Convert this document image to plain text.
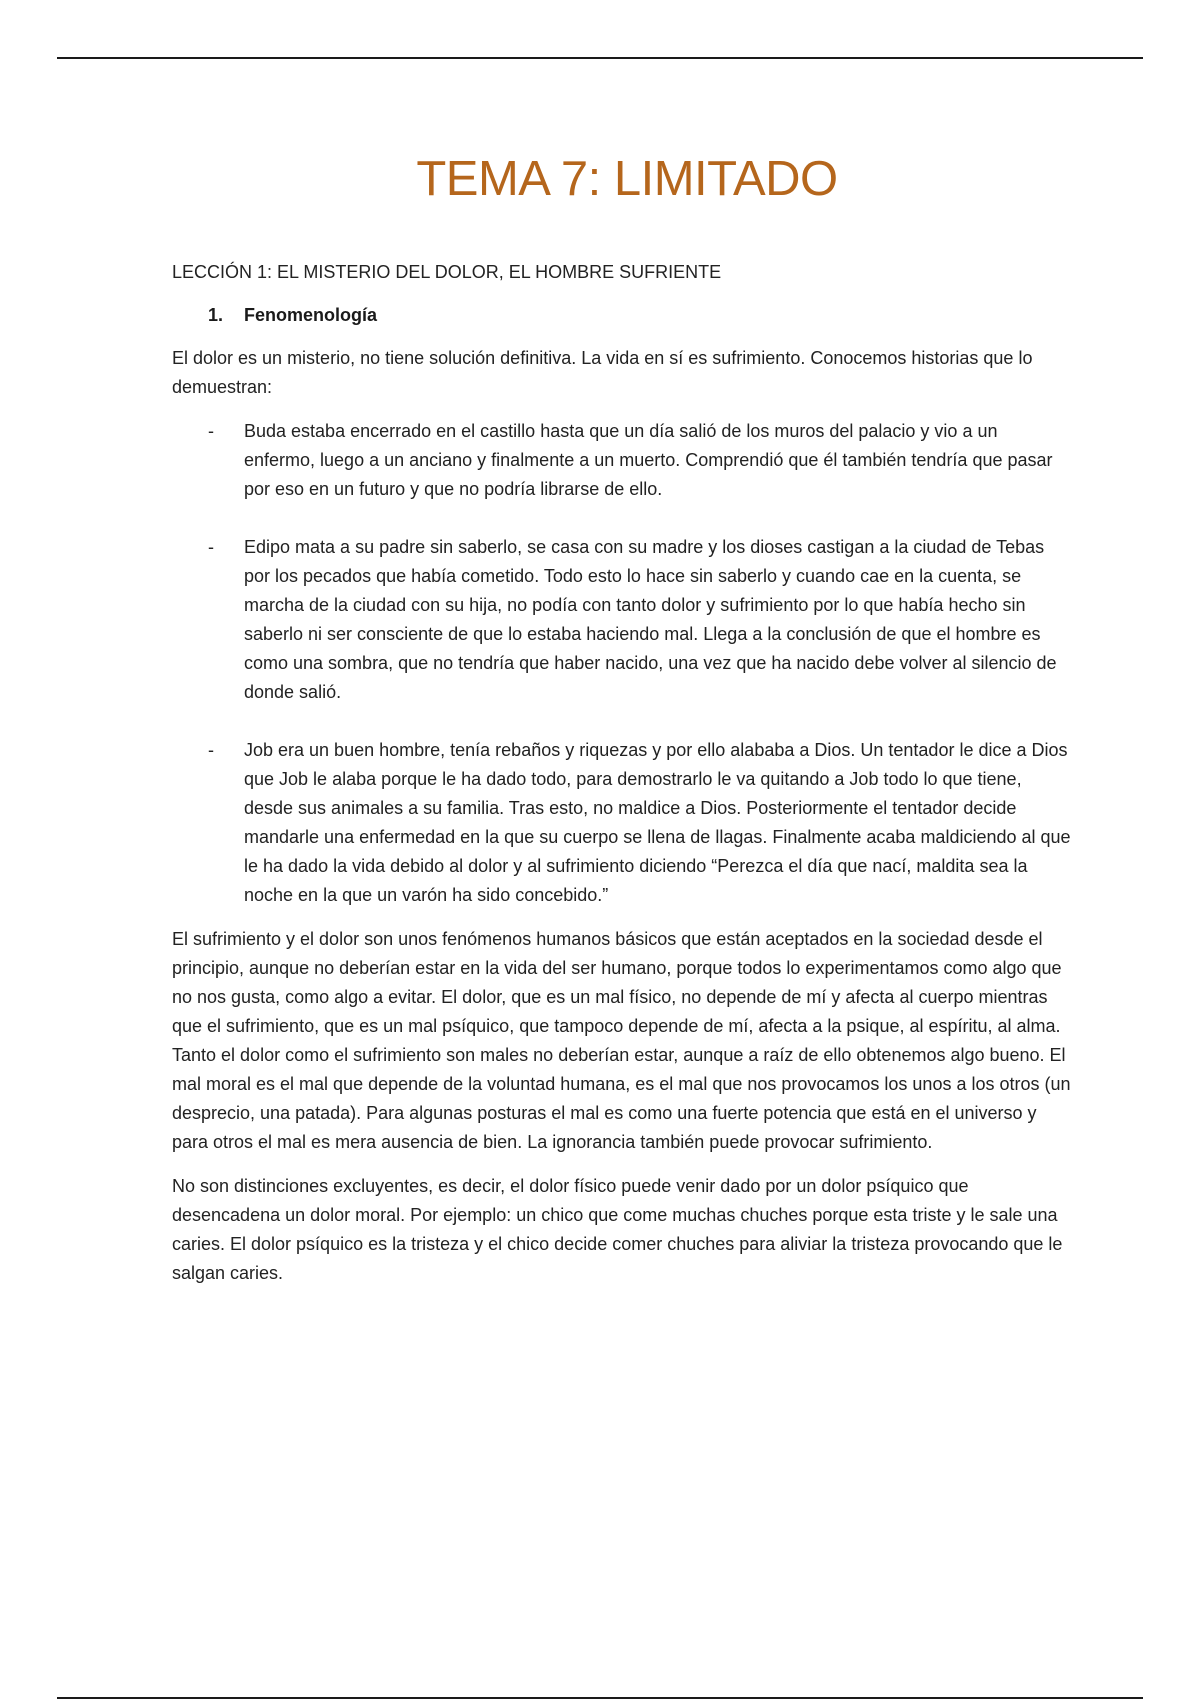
TEMA 7: LIMITADO

LECCIÓN 1: EL MISTERIO DEL DOLOR, EL HOMBRE SUFRIENTE

1. Fenomenología

El dolor es un misterio, no tiene solución definitiva. La vida en sí es sufrimiento. Conocemos historias que lo demuestran:

- Buda estaba encerrado en el castillo hasta que un día salió de los muros del palacio y vio a un enfermo, luego a un anciano y finalmente a un muerto. Comprendió que él también tendría que pasar por eso en un futuro y que no podría librarse de ello.
- Edipo mata a su padre sin saberlo, se casa con su madre y los dioses castigan a la ciudad de Tebas por los pecados que había cometido. Todo esto lo hace sin saberlo y cuando cae en la cuenta, se marcha de la ciudad con su hija, no podía con tanto dolor y sufrimiento por lo que había hecho sin saberlo ni ser consciente de que lo estaba haciendo mal. Llega a la conclusión de que el hombre es como una sombra, que no tendría que haber nacido, una vez que ha nacido debe volver al silencio de donde salió.
- Job era un buen hombre, tenía rebaños y riquezas y por ello alababa a Dios. Un tentador le dice a Dios que Job le alaba porque le ha dado todo, para demostrarlo le va quitando a Job todo lo que tiene, desde sus animales a su familia. Tras esto, no maldice a Dios. Posteriormente el tentador decide mandarle una enfermedad en la que su cuerpo se llena de llagas. Finalmente acaba maldiciendo al que le ha dado la vida debido al dolor y al sufrimiento diciendo “Perezca el día que nací, maldita sea la noche en la que un varón ha sido concebido.”

El sufrimiento y el dolor son unos fenómenos humanos básicos que están aceptados en la sociedad desde el principio, aunque no deberían estar en la vida del ser humano, porque todos lo experimentamos como algo que no nos gusta, como algo a evitar. El dolor, que es un mal físico, no depende de mí y afecta al cuerpo mientras que el sufrimiento, que es un mal psíquico, que tampoco depende de mí, afecta a la psique, al espíritu, al alma. Tanto el dolor como el sufrimiento son males no deberían estar, aunque a raíz de ello obtenemos algo bueno. El mal moral es el mal que depende de la voluntad humana, es el mal que nos provocamos los unos a los otros (un desprecio, una patada). Para algunas posturas el mal es como una fuerte potencia que está en el universo y para otros el mal es mera ausencia de bien. La ignorancia también puede provocar sufrimiento.

No son distinciones excluyentes, es decir, el dolor físico puede venir dado por un dolor psíquico que desencadena un dolor moral. Por ejemplo: un chico que come muchas chuches porque esta triste y le sale una caries. El dolor psíquico es la tristeza y el chico decide comer chuches para aliviar la tristeza provocando que le salgan caries.
